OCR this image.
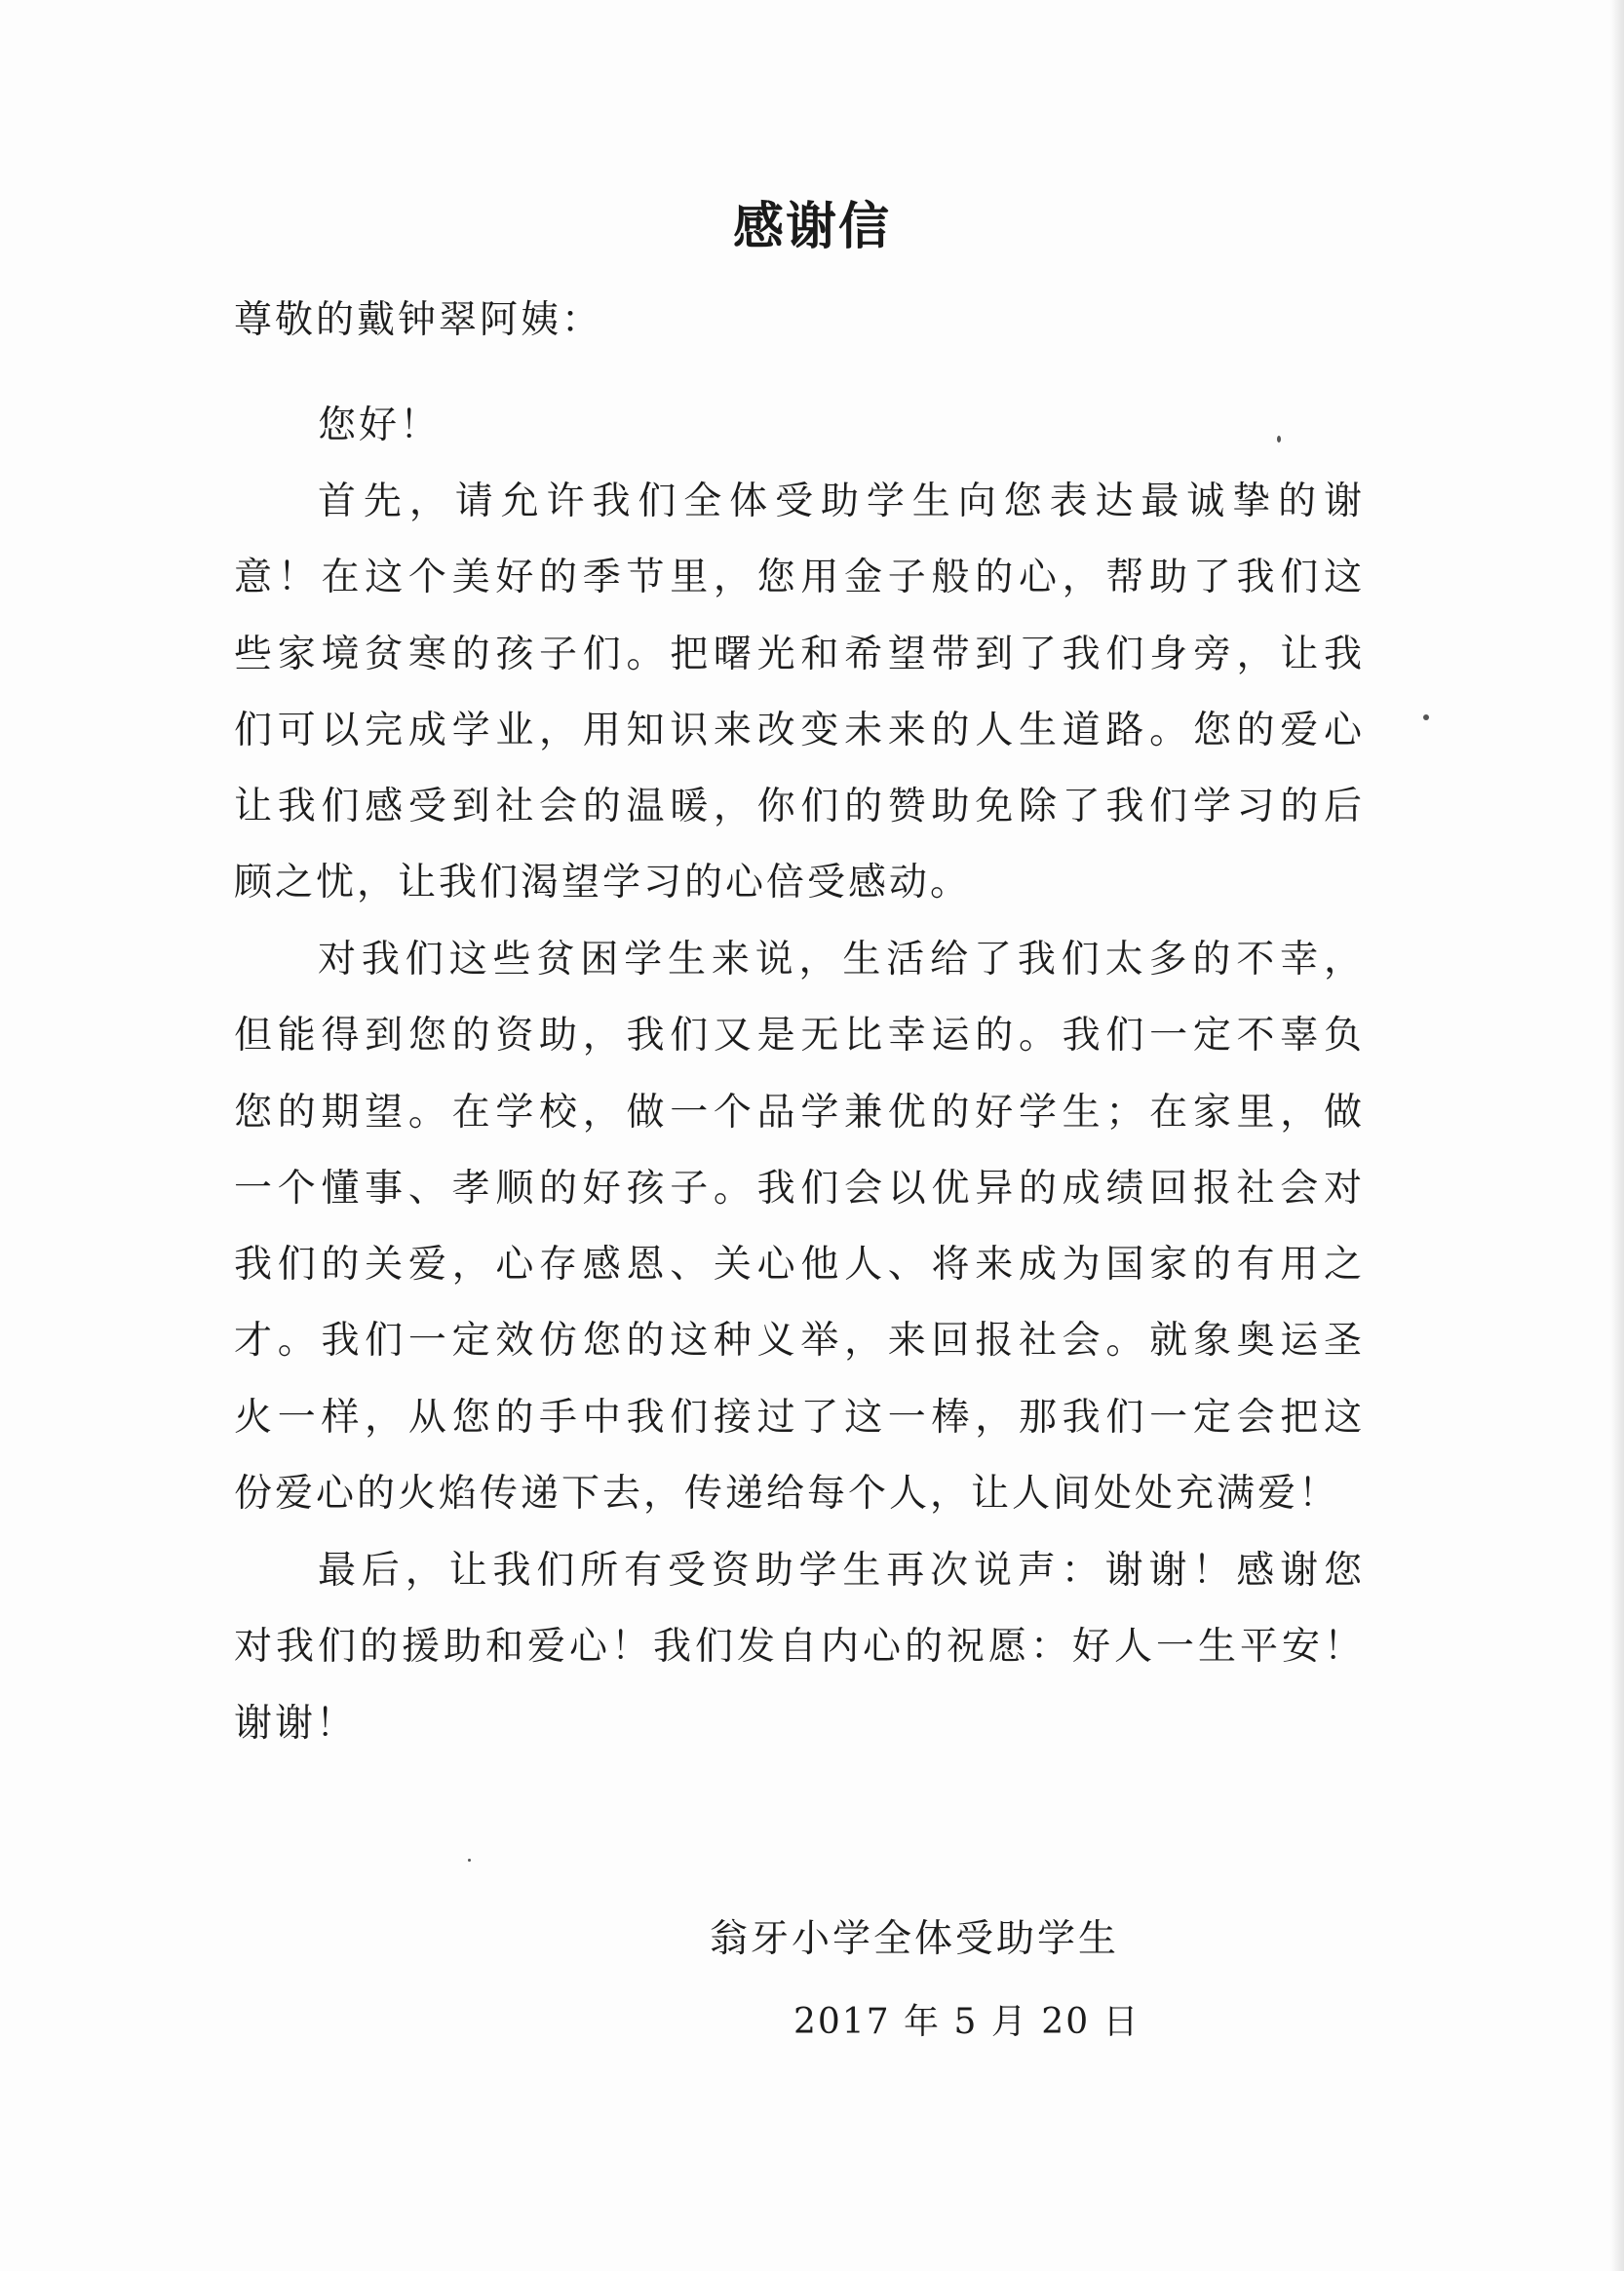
感谢信

尊敬的戴钟翠阿姨：

您好！

首先，请允许我们全体受助学生向您表达最诚挚的谢
意！在这个美好的季节里，您用金子般的心，帮助了我们这
些家境贫寒的孩子们。把曙光和希望带到了我们身旁，让我
们可以完成学业，用知识来改变未来的人生道路。您的爱心
让我们感受到社会的温暖，你们的赞助免除了我们学习的后
顾之忧，让我们渴望学习的心倍受感动。
对我们这些贫困学生来说，生活给了我们太多的不幸，
但能得到您的资助，我们又是无比幸运的。我们一定不辜负
您的期望。在学校，做一个品学兼优的好学生；在家里，做
一个懂事、孝顺的好孩子。我们会以优异的成绩回报社会对
我们的关爱，心存感恩、关心他人、将来成为国家的有用之
才。我们一定效仿您的这种义举，来回报社会。就象奥运圣
火一样，从您的手中我们接过了这一棒，那我们一定会把这
份爱心的火焰传递下去，传递给每个人，让人间处处充满爱！
最后，让我们所有受资助学生再次说声：谢谢！感谢您
对我们的援助和爱心！我们发自内心的祝愿：好人一生平安！
谢谢！
翁牙小学全体受助学生
2017 年 5 月 20 日
